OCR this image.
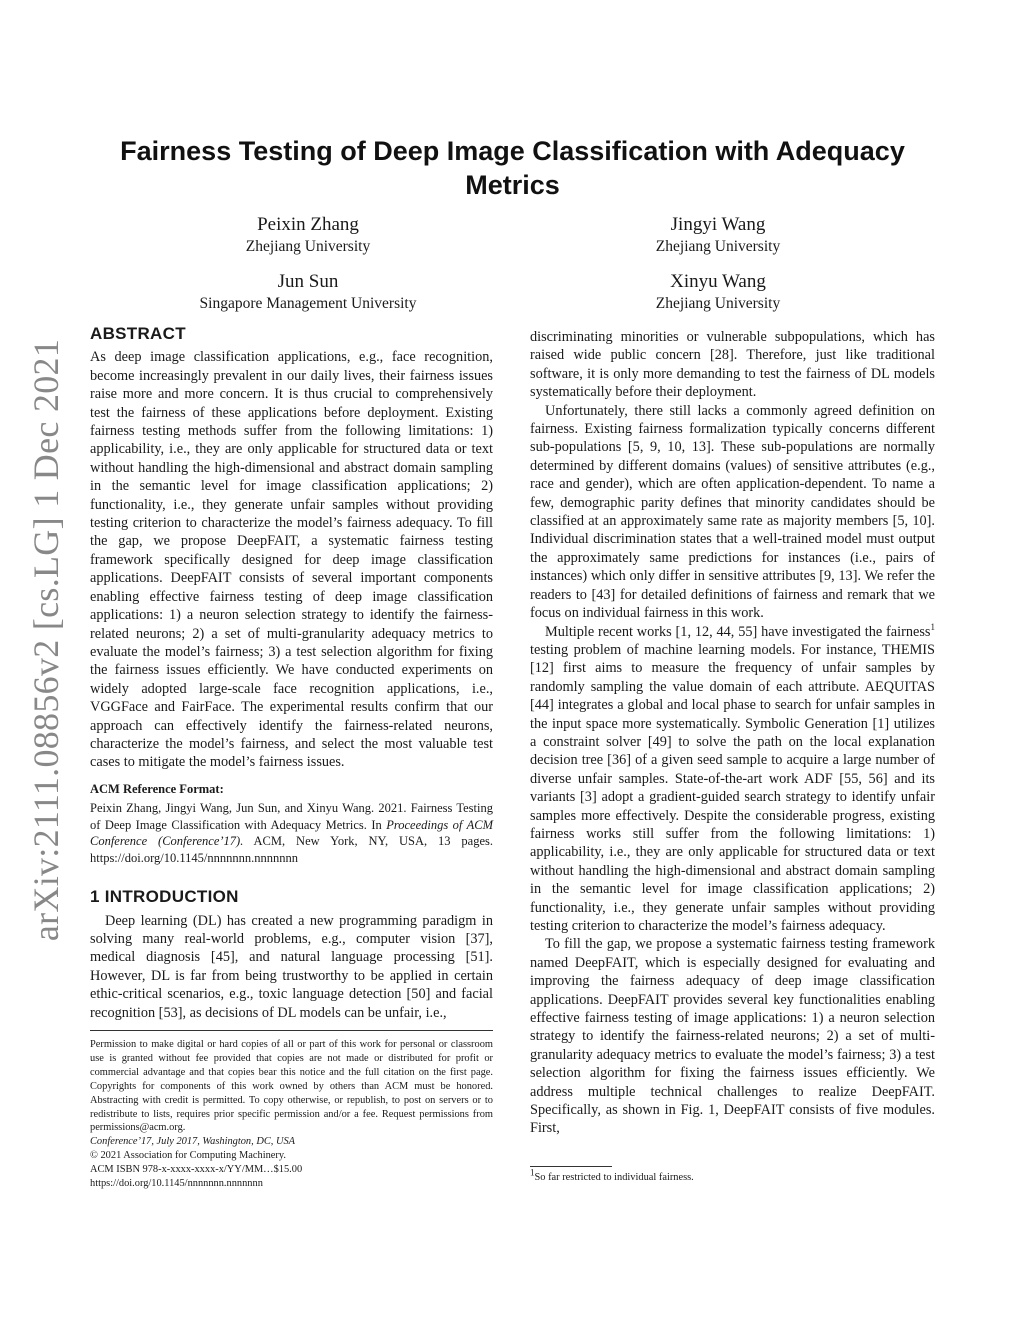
arXiv:2111.08856v2 [cs.LG] 1 Dec 2021
Fairness Testing of Deep Image Classification with Adequacy Metrics
Peixin Zhang
Zhejiang University
Jingyi Wang
Zhejiang University
Jun Sun
Singapore Management University
Xinyu Wang
Zhejiang University
ABSTRACT

As deep image classification applications, e.g., face recognition, become increasingly prevalent in our daily lives, their fairness issues raise more and more concern. It is thus crucial to comprehensively test the fairness of these applications before deployment. Existing fairness testing methods suffer from the following limitations: 1) applicability, i.e., they are only applicable for structured data or text without handling the high-dimensional and abstract domain sampling in the semantic level for image classification applications; 2) functionality, i.e., they generate unfair samples without providing testing criterion to characterize the model’s fairness adequacy. To fill the gap, we propose DeepFAIT, a systematic fairness testing framework specifically designed for deep image classification applications. DeepFAIT consists of several important components enabling effective fairness testing of deep image classification applications: 1) a neuron selection strategy to identify the fairness-related neurons; 2) a set of multi-granularity adequacy metrics to evaluate the model’s fairness; 3) a test selection algorithm for fixing the fairness issues efficiently. We have conducted experiments on widely adopted large-scale face recognition applications, i.e., VGGFace and FairFace. The experimental results confirm that our approach can effectively identify the fairness-related neurons, characterize the model’s fairness, and select the most valuable test cases to mitigate the model’s fairness issues.

ACM Reference Format:

Peixin Zhang, Jingyi Wang, Jun Sun, and Xinyu Wang. 2021. Fairness Testing of Deep Image Classification with Adequacy Metrics. In Proceedings of ACM Conference (Conference’17). ACM, New York, NY, USA, 13 pages. https://doi.org/10.1145/nnnnnnn.nnnnnnn
1 INTRODUCTION

Deep learning (DL) has created a new programming paradigm in solving many real-world problems, e.g., computer vision [37], medical diagnosis [45], and natural language processing [51]. However, DL is far from being trustworthy to be applied in certain ethic-critical scenarios, e.g., toxic language detection [50] and facial recognition [53], as decisions of DL models can be unfair, i.e.,

Permission to make digital or hard copies of all or part of this work for personal or classroom use is granted without fee provided that copies are not made or distributed for profit or commercial advantage and that copies bear this notice and the full citation on the first page. Copyrights for components of this work owned by others than ACM must be honored. Abstracting with credit is permitted. To copy otherwise, or republish, to post on servers or to redistribute to lists, requires prior specific permission and/or a fee. Request permissions from permissions@acm.org.

Conference’17, July 2017, Washington, DC, USA

© 2021 Association for Computing Machinery.

ACM ISBN 978-x-xxxx-xxxx-x/YY/MM…$15.00

https://doi.org/10.1145/nnnnnnn.nnnnnnn

discriminating minorities or vulnerable subpopulations, which has raised wide public concern [28]. Therefore, just like traditional software, it is only more demanding to test the fairness of DL models systematically before their deployment.

Unfortunately, there still lacks a commonly agreed definition on fairness. Existing fairness formalization typically concerns different sub-populations [5, 9, 10, 13]. These sub-populations are normally determined by different domains (values) of sensitive attributes (e.g., race and gender), which are often application-dependent. To name a few, demographic parity defines that minority candidates should be classified at an approximately same rate as majority members [5, 10]. Individual discrimination states that a well-trained model must output the approximately same predictions for instances (i.e., pairs of instances) which only differ in sensitive attributes [9, 13]. We refer the readers to [43] for detailed definitions of fairness and remark that we focus on individual fairness in this work.

Multiple recent works [1, 12, 44, 55] have investigated the fairness$^1$ testing problem of machine learning models. For instance, THEMIS [12] first aims to measure the frequency of unfair samples by randomly sampling the value domain of each attribute. AEQUITAS [44] integrates a global and local phase to search for unfair samples in the input space more systematically. Symbolic Generation [1] utilizes a constraint solver [49] to solve the path on the local explanation decision tree [36] of a given seed sample to acquire a large number of diverse unfair samples. State-of-the-art work ADF [55, 56] and its variants [3] adopt a gradient-guided search strategy to identify unfair samples more effectively. Despite the considerable progress, existing fairness works still suffer from the following limitations: 1) applicability, i.e., they are only applicable for structured data or text without handling the high-dimensional and abstract domain sampling in the semantic level for image classification applications; 2) functionality, i.e., they generate unfair samples without providing testing criterion to characterize the model’s fairness adequacy.

To fill the gap, we propose a systematic fairness testing framework named DeepFAIT, which is especially designed for evaluating and improving the fairness adequacy of deep image classification applications. DeepFAIT provides several key functionalities enabling effective fairness testing of image applications: 1) a neuron selection strategy to identify the fairness-related neurons; 2) a set of multi-granularity adequacy metrics to evaluate the model’s fairness; 3) a test selection algorithm for fixing the fairness issues efficiently. We address multiple technical challenges to realize DeepFAIT. Specifically, as shown in Fig. 1, DeepFAIT consists of five modules. First,

$^1$So far restricted to individual fairness.
